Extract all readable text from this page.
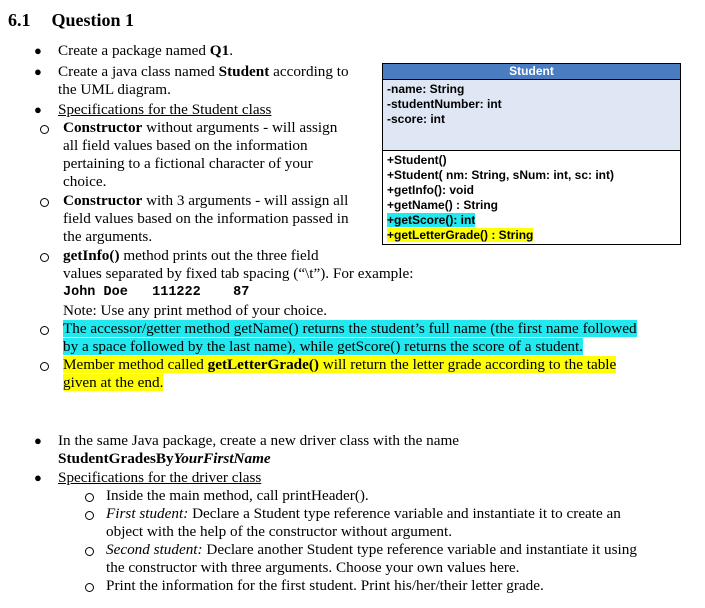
6.1 Question 1
● Create a package named Q1.
● Create a java class named Student according to
the UML diagram.
● Specifications for the Student class
Constructor without arguments - will assign
all field values based on the information
pertaining to a fictional character of your
choice.
Constructor with 3 arguments - will assign all
field values based on the information passed in
the arguments.
getInfo() method prints out the three field
values separated by fixed tab spacing (“\t”). For example:
John Doe   111222    87
Note: Use any print method of your choice.
The accessor/getter method getName() returns the student’s full name (the first name followed
by a space followed by the last name), while getScore() returns the score of a student.
Member method called getLetterGrade() will return the letter grade according to the table
given at the end.
● In the same Java package, create a new driver class with the name
StudentGradesByYourFirstName
● Specifications for the driver class
Inside the main method, call printHeader().
First student: Declare a Student type reference variable and instantiate it to create an
object with the help of the constructor without argument.
Second student: Declare another Student type reference variable and instantiate it using
the constructor with three arguments. Choose your own values here.
Print the information for the first student. Print his/her/their letter grade.
Student
-name: String
-studentNumber: int
-score: int
+Student()
+Student( nm: String, sNum: int, sc: int)
+getInfo(): void
+getName() : String
+getScore(): int
+getLetterGrade() : String
